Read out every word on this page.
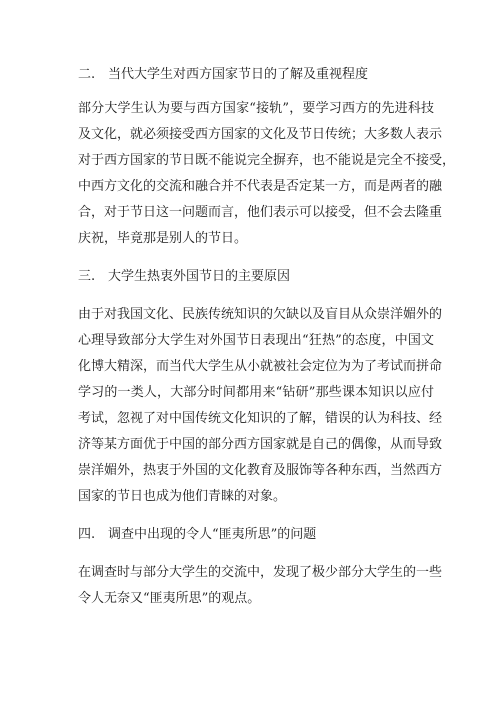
二. 当代大学生对西方国家节日的了解及重视程度

部分大学生认为要与西方国家“接轨”，要学习西方的先进科技
及文化，就必须接受西方国家的文化及节日传统；大多数人表示
对于西方国家的节日既不能说完全摒弃，也不能说是完全不接受，
中西方文化的交流和融合并不代表是否定某一方，而是两者的融
合，对于节日这一问题而言，他们表示可以接受，但不会去隆重
庆祝，毕竟那是别人的节日。

三. 大学生热衷外国节日的主要原因

由于对我国文化、民族传统知识的欠缺以及盲目从众崇洋媚外的
心理导致部分大学生对外国节日表现出“狂热”的态度，中国文
化博大精深，而当代大学生从小就被社会定位为为了考试而拼命
学习的一类人，大部分时间都用来“钻研”那些课本知识以应付
考试，忽视了对中国传统文化知识的了解，错误的认为科技、经
济等某方面优于中国的部分西方国家就是自己的偶像，从而导致
崇洋媚外，热衷于外国的文化教育及服饰等各种东西，当然西方
国家的节日也成为他们青睐的对象。

四. 调查中出现的令人“匪夷所思”的问题

在调查时与部分大学生的交流中，发现了极少部分大学生的一些
令人无奈又“匪夷所思”的观点。
